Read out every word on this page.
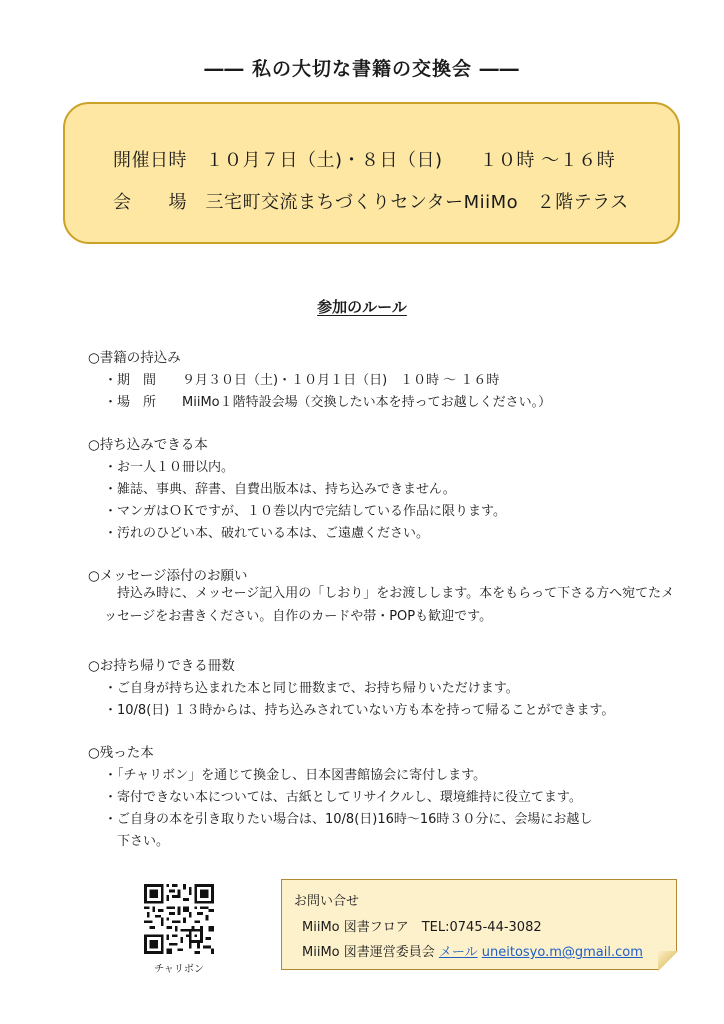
―― 私の大切な書籍の交換会 ――
開催日時　１０月７日（土)・８日（日)　　１０時 ～１６時
会　　場　三宅町交流まちづくりセンターMiiMo　２階テラス
参加のルール
○書籍の持込み
・期　間　　９月３０日（土)・１０月１日（日)　１０時 ～ １６時
・場　所　　MiiMo１階特設会場（交換したい本を持ってお越しください。）
○持ち込みできる本
・お一人１０冊以内。
・雑誌、事典、辞書、自費出版本は、持ち込みできません。
・マンガはＯＫですが、１０巻以内で完結している作品に限ります。
・汚れのひどい本、破れている本は、ご遠慮ください。
○メッセージ添付のお願い
　持込み時に、メッセージ記入用の「しおり」をお渡しします。本をもらって下さる方へ宛てたメッセージをお書きください。自作のカードや帯・POPも歓迎です。
○お持ち帰りできる冊数
・ご自身が持ち込まれた本と同じ冊数まで、お持ち帰りいただけます。
・10/8(日) １３時からは、持ち込みされていない方も本を持って帰ることができます。
○残った本
・「チャリボン」を通じて換金し、日本図書館協会に寄付します。
・寄付できない本については、古紙としてリサイクルし、環境維持に役立てます。
・ご自身の本を引き取りたい場合は、10/8(日)16時～16時３０分に、会場にお越し
　下さい。
チャリボン
お問い合せ
MiiMo 図書フロア　TEL:0745-44-3082
MiiMo 図書運営委員会 メール uneitosyo.m@gmail.com
